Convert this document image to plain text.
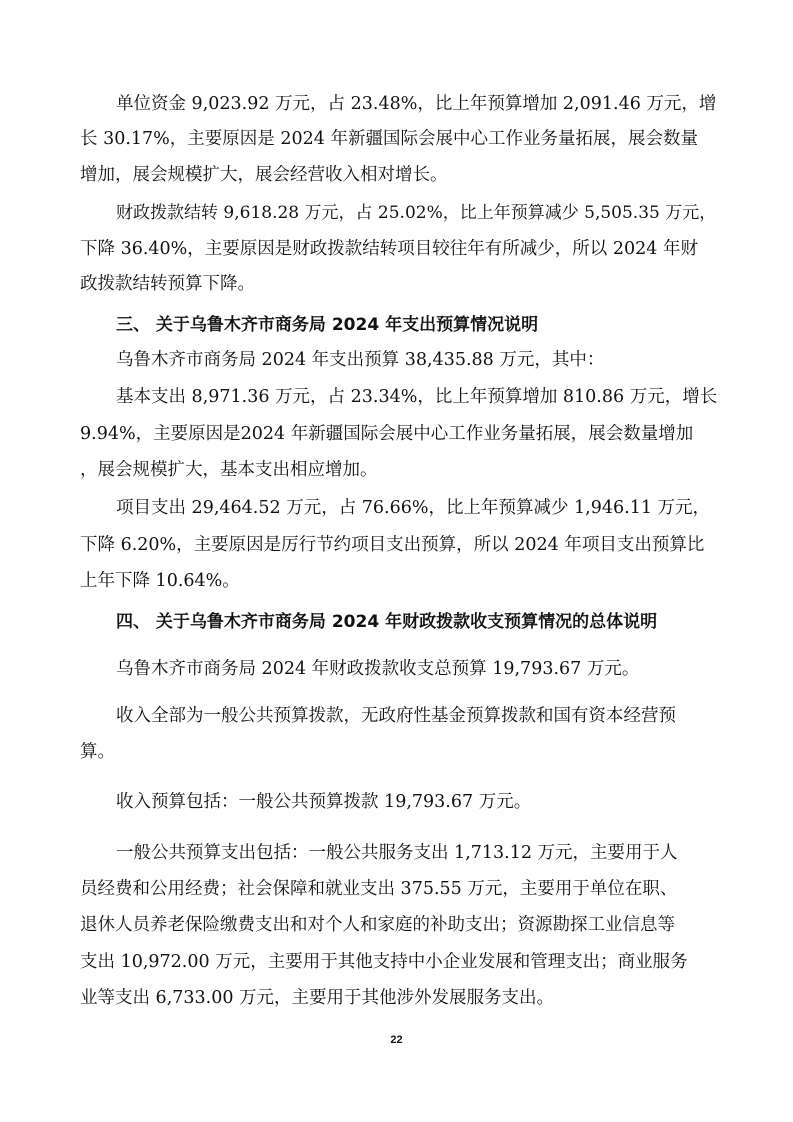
单位资金 9,023.92 万元，占 23.48%，比上年预算增加 2,091.46 万元，增
长 30.17%，主要原因是 2024 年新疆国际会展中心工作业务量拓展，展会数量
增加，展会规模扩大，展会经营收入相对增长。
财政拨款结转 9,618.28 万元，占 25.02%，比上年预算减少 5,505.35 万元，
下降 36.40%，主要原因是财政拨款结转项目较往年有所减少，所以 2024 年财
政拨款结转预算下降。
三、 关于乌鲁木齐市商务局 2024 年支出预算情况说明
乌鲁木齐市商务局 2024 年支出预算 38,435.88 万元，其中：
基本支出 8,971.36 万元，占 23.34%，比上年预算增加 810.86 万元，增长
9.94%，主要原因是2024 年新疆国际会展中心工作业务量拓展，展会数量增加
，展会规模扩大，基本支出相应增加。
项目支出 29,464.52 万元，占 76.66%，比上年预算减少 1,946.11 万元，
下降 6.20%，主要原因是厉行节约项目支出预算，所以 2024 年项目支出预算比
上年下降 10.64%。
四、 关于乌鲁木齐市商务局 2024 年财政拨款收支预算情况的总体说明
乌鲁木齐市商务局 2024 年财政拨款收支总预算 19,793.67 万元。
收入全部为一般公共预算拨款，无政府性基金预算拨款和国有资本经营预
算。
收入预算包括：一般公共预算拨款 19,793.67 万元。
一般公共预算支出包括：一般公共服务支出 1,713.12 万元，主要用于人
员经费和公用经费；社会保障和就业支出 375.55 万元，主要用于单位在职、
退休人员养老保险缴费支出和对个人和家庭的补助支出；资源勘探工业信息等
支出 10,972.00 万元，主要用于其他支持中小企业发展和管理支出；商业服务
业等支出 6,733.00 万元，主要用于其他涉外发展服务支出。
22
